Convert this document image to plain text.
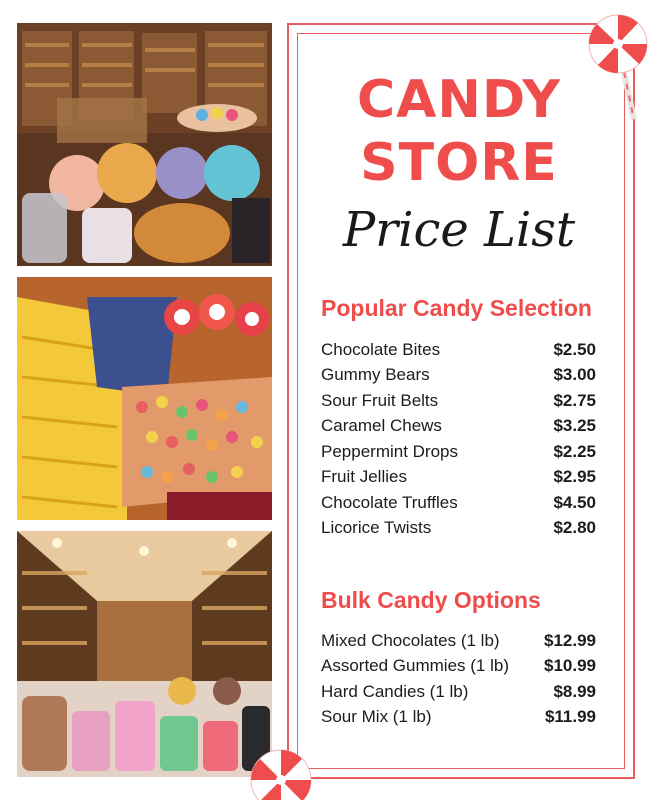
CANDY
STORE
Price List
Popular Candy Selection
Chocolate Bites	$2.50
Gummy Bears	$3.00
Sour Fruit Belts	$2.75
Caramel Chews	$3.25
Peppermint Drops	$2.25
Fruit Jellies	$2.95
Chocolate Truffles	$4.50
Licorice Twists	$2.80
Bulk Candy Options
Mixed Chocolates (1 lb)	$12.99
Assorted Gummies (1 lb) $10.99
Hard Candies (1 lb)	$8.99
Sour Mix (1 lb)	$11.99
